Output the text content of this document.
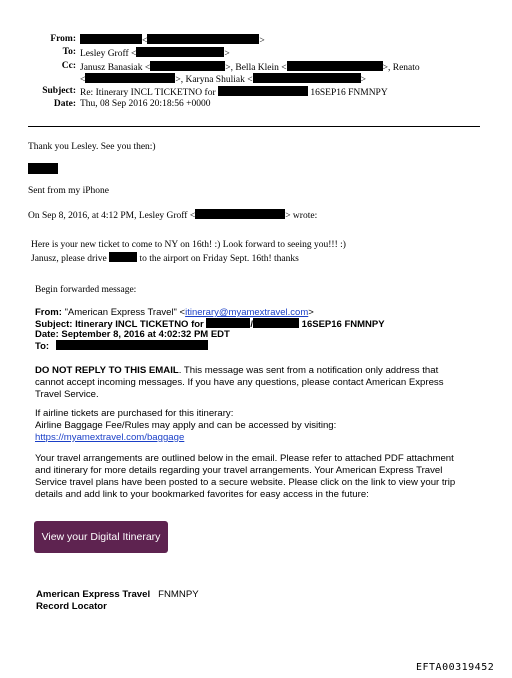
From:	<	>
To: Lesley Groff <	>
Cc: Janusz Banasiak <	>, Bella Klein <	>, Renato
<	>, Karyna Shuliak <	>
Subject: Re: Itinerary INCL TICKETNO for	16SEP16 FNMNPY
Date: Thu, 08 Sep 2016 20:18:56 +0000
Thank you Lesley. See you then:)
Sent from my iPhone
On Sep 8, 2016, at 4:12 PM, Lesley Groff <	> wrote:
Here is your new ticket to come to NY on 16th! :) Look forward to seeing you!!! :)
Janusz, please drive	to the airport on Friday Sept. 16th! thanks
Begin forwarded message:
From: "American Express Travel" <itinerary@myamextravel.com>
Subject: Itinerary INCL TICKETNO for	/	16SEP16 FNMNPY
Date: September 8, 2016 at 4:02:32 PM EDT
To:
DO NOT REPLY TO THIS EMAIL. This message was sent from a notification only address that
cannot accept incoming messages. If you have any questions, please contact American Express
Travel Service.
If airline tickets are purchased for this itinerary:
Airline Baggage Fee/Rules may apply and can be accessed by visiting:
https://myamextravel.com/baggage
Your travel arrangements are outlined below in the email. Please refer to attached PDF attachment
and itinerary for more details regarding your travel arrangements. Your American Express Travel
Service travel plans have been posted to a secure website. Please click on the link to view your trip
details and add link to your bookmarked favorites for easy access in the future:
View your Digital Itinerary
American Express Travel FNMNPY
Record Locator
EFTA00319452
